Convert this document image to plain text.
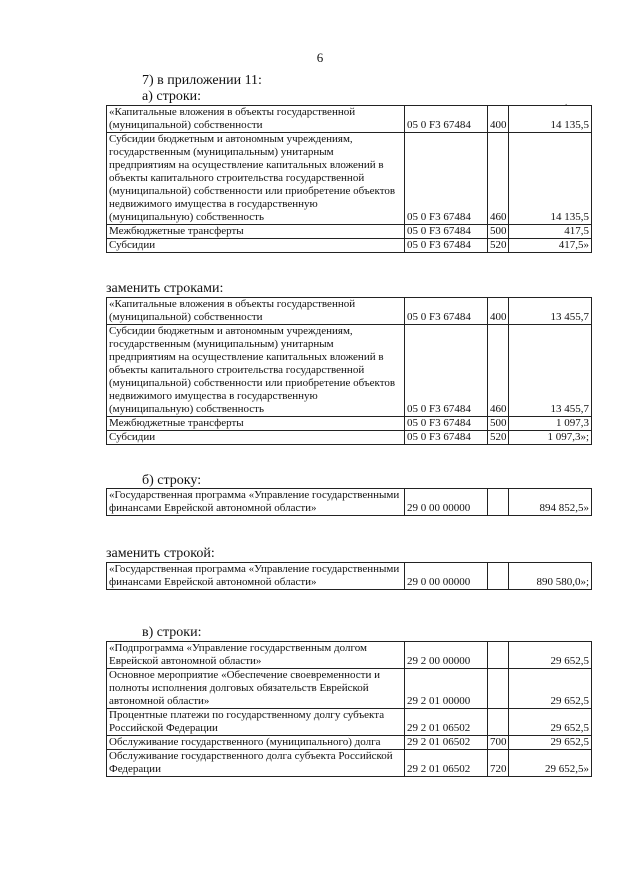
6
7) в приложении 11:
.
а) строки:
«Капитальные вложения в объекты государственной (муниципальной) собственности	05 0 F3 67484	400	14 135,5
Субсидии бюджетным и автономным учреждениям, государственным (муниципальным) унитарным предприятиям на осуществление капитальных вложений в объекты капитального строительства государственной (муниципальной) собственности или приобретение объектов недвижимого имущества в государственную (муниципальную) собственность	05 0 F3 67484	460	14 135,5
Межбюджетные трансферты	05 0 F3 67484	500	417,5
Субсидии	05 0 F3 67484	520	417,5»
заменить строками:
«Капитальные вложения в объекты государственной (муниципальной) собственности	05 0 F3 67484	400	13 455,7
Субсидии бюджетным и автономным учреждениям, государственным (муниципальным) унитарным предприятиям на осуществление капитальных вложений в объекты капитального строительства государственной (муниципальной) собственности или приобретение объектов недвижимого имущества в государственную (муниципальную) собственность	05 0 F3 67484	460	13 455,7
Межбюджетные трансферты	05 0 F3 67484	500	1 097,3
Субсидии	05 0 F3 67484	520	1 097,3»;
б) строку:
«Государственная программа «Управление государственными финансами Еврейской автономной области»	29 0 00 00000		894 852,5»
заменить строкой:
«Государственная программа «Управление государственными финансами Еврейской автономной области»	29 0 00 00000		890 580,0»;
в) строки:
«Подпрограмма «Управление государственным долгом Еврейской автономной области»	29 2 00 00000		29 652,5
Основное мероприятие «Обеспечение своевременности и полноты исполнения долговых обязательств Еврейской автономной области»	29 2 01 00000		29 652,5
Процентные платежи по государственному долгу субъекта Российской Федерации	29 2 01 06502		29 652,5
Обслуживание государственного (муниципального) долга	29 2 01 06502	700	29 652,5
Обслуживание государственного долга субъекта Российской Федерации	29 2 01 06502	720	29 652,5»
